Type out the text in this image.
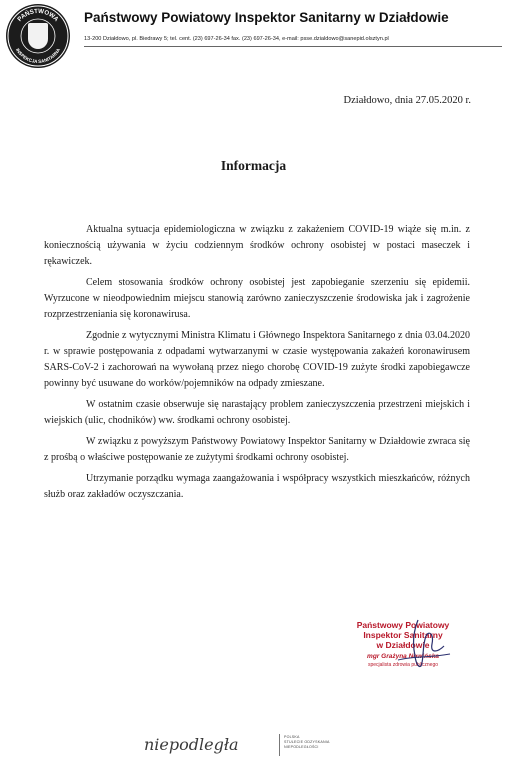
PAŃSTWOWA
INSPEKCJA SANITARNA
Państwowy Powiatowy Inspektor Sanitarny w Działdowie
13-200 Działdowo, pl. Biedrawy 5; tel. cent. (23) 697-26-34 fax. (23) 697-26-34, e-mail: psse.dzialdowo@sanepid.olsztyn.pl
Działdowo, dnia 27.05.2020 r.
Informacja

Aktualna sytuacja epidemiologiczna w związku z zakażeniem COVID-19 wiąże się m.in. z koniecznością używania w życiu codziennym środków ochrony osobistej w postaci maseczek i rękawiczek.

Celem stosowania środków ochrony osobistej jest zapobieganie szerzeniu się epidemii. Wyrzucone w nieodpowiednim miejscu stanowią zarówno zanieczyszczenie środowiska jak i zagrożenie rozprzestrzeniania się koronawirusa.

Zgodnie z wytycznymi Ministra Klimatu i Głównego Inspektora Sanitarnego z dnia 03.04.2020 r. w sprawie postępowania z odpadami wytwarzanymi w czasie występowania zakażeń koronawirusem SARS-CoV-2 i zachorowań na wywołaną przez niego chorobę COVID-19 zużyte środki zapobiegawcze powinny być usuwane do worków/pojemników na odpady zmieszane.

W ostatnim czasie obserwuje się narastający problem zanieczyszczenia przestrzeni miejskich i wiejskich (ulic, chodników) ww. środkami ochrony osobistej.

W związku z powyższym Państwowy Powiatowy Inspektor Sanitarny w Działdowie zwraca się z prośbą o właściwe postępowanie ze zużytymi środkami ochrony osobistej.

Utrzymanie porządku wymaga zaangażowania i współpracy wszystkich mieszkańców, różnych służb oraz zakładów oczyszczania.

Państwowy Powiatowy
Inspektor Sanitarny
w Działdowie
mgr Grażyna Nowińska
specjalista zdrowia publicznego
niepodległa	POLSKA
STULECIE ODZYSKANIA
NIEPODLEGŁOŚCI
